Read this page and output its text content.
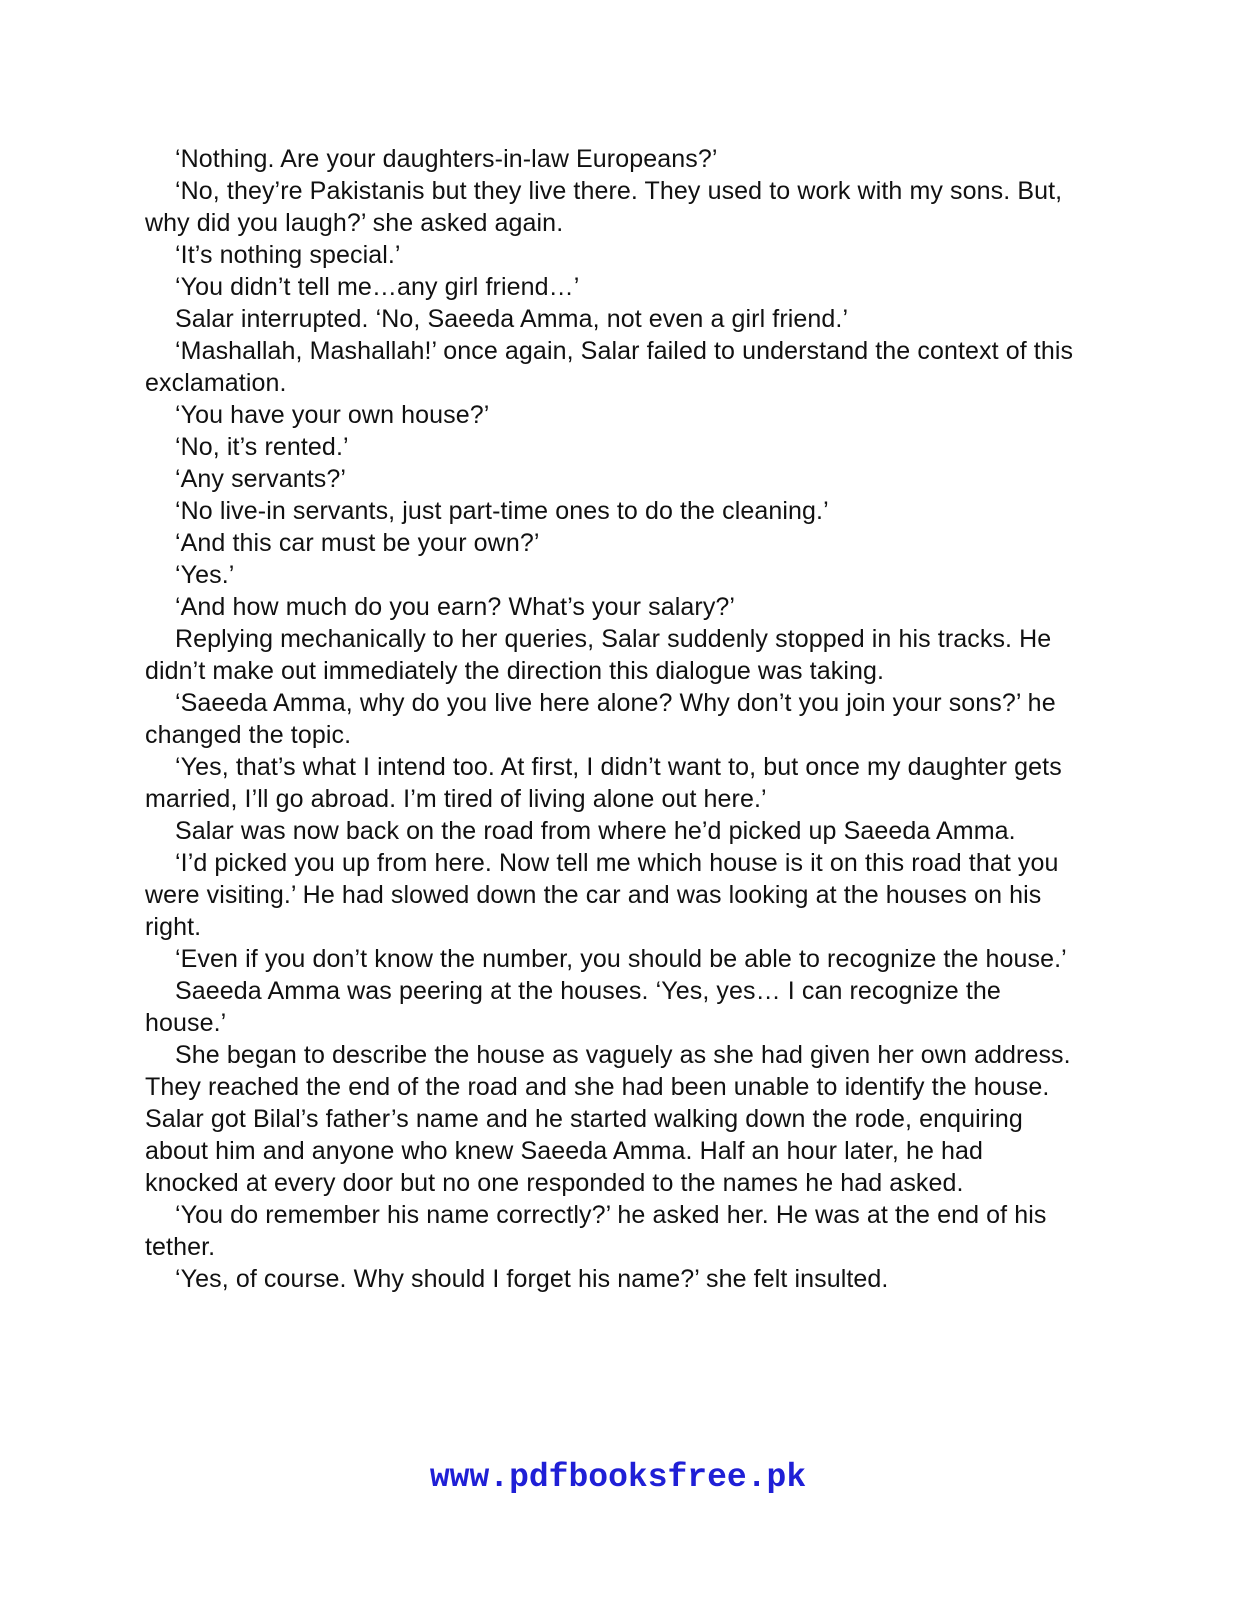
‘Nothing. Are your daughters-in-law Europeans?’

‘No, they’re Pakistanis but they live there. They used to work with my sons. But, why did you laugh?’ she asked again.

‘It’s nothing special.’

‘You didn’t tell me…any girl friend…’

Salar interrupted. ‘No, Saeeda Amma, not even a girl friend.’

‘Mashallah, Mashallah!’ once again, Salar failed to understand the context of this exclamation.

‘You have your own house?’

‘No, it’s rented.’

‘Any servants?’

‘No live-in servants, just part-time ones to do the cleaning.’

‘And this car must be your own?’

‘Yes.’

‘And how much do you earn? What’s your salary?’

Replying mechanically to her queries, Salar suddenly stopped in his tracks. He didn’t make out immediately the direction this dialogue was taking.

‘Saeeda Amma, why do you live here alone? Why don’t you join your sons?’ he changed the topic.

‘Yes, that’s what I intend too. At first, I didn’t want to, but once my daughter gets married, I’ll go abroad. I’m tired of living alone out here.’

Salar was now back on the road from where he’d picked up Saeeda Amma.

‘I’d picked you up from here. Now tell me which house is it on this road that you were visiting.’ He had slowed down the car and was looking at the houses on his right.

‘Even if you don’t know the number, you should be able to recognize the house.’

Saeeda Amma was peering at the houses. ‘Yes, yes… I can recognize the house.’

She began to describe the house as vaguely as she had given her own address. They reached the end of the road and she had been unable to identify the house. Salar got Bilal’s father’s name and he started walking down the rode, enquiring about him and anyone who knew Saeeda Amma. Half an hour later, he had knocked at every door but no one responded to the names he had asked.

‘You do remember his name correctly?’ he asked her. He was at the end of his tether.

‘Yes, of course. Why should I forget his name?’ she felt insulted.

www.pdfbooksfree.pk
